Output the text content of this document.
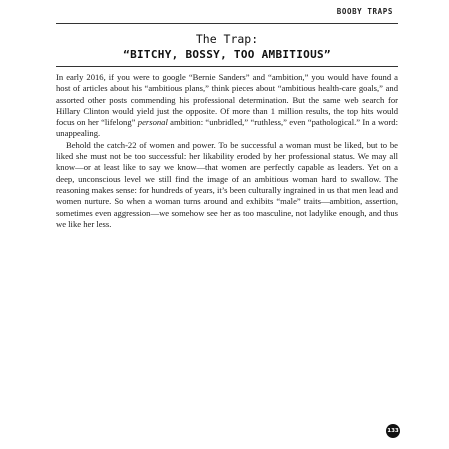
BOOBY TRAPS
The Trap:
“BITCHY, BOSSY, TOO AMBITIOUS”

In early 2016, if you were to google “Bernie Sanders” and “ambition,” you would have found a host of articles about his “ambitious plans,” think pieces about “ambitious health-care goals,” and assorted other posts commending his professional determination. But the same web search for Hillary Clinton would yield just the opposite. Of more than 1 million results, the top hits would focus on her “lifelong” personal ambition: “unbridled,” “ruthless,” even “pathological.” In a word: unappealing.

Behold the catch-22 of women and power. To be successful a woman must be liked, but to be liked she must not be too successful: her likability eroded by her professional status. We may all know—or at least like to say we know—that women are perfectly capable as leaders. Yet on a deep, unconscious level we still find the image of an ambitious woman hard to swallow. The reasoning makes sense: for hundreds of years, it’s been culturally ingrained in us that men lead and women nurture. So when a woman turns around and exhibits “male” traits—ambition, assertion, sometimes even aggression—we somehow see her as too masculine, not ladylike enough, and thus we like her less.

133
